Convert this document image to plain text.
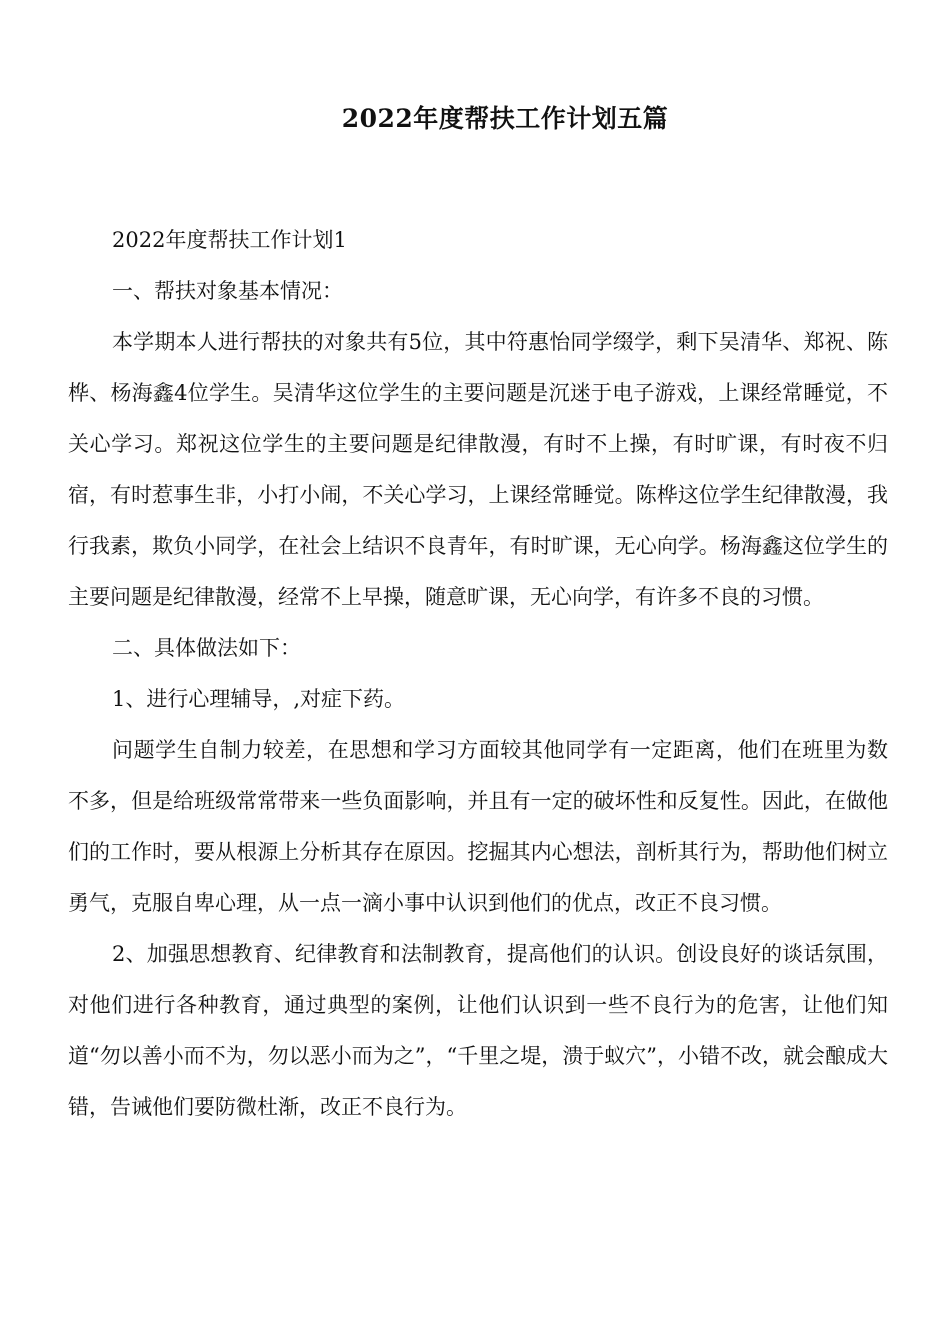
2022年度帮扶工作计划五篇

2022年度帮扶工作计划1

一、帮扶对象基本情况：

本学期本人进行帮扶的对象共有5位，其中符惠怡同学缀学，剩下吴清华、郑祝、陈桦、杨海鑫4位学生。吴清华这位学生的主要问题是沉迷于电子游戏，上课经常睡觉，不关心学习。郑祝这位学生的主要问题是纪律散漫，有时不上操，有时旷课，有时夜不归宿，有时惹事生非，小打小闹，不关心学习，上课经常睡觉。陈桦这位学生纪律散漫，我行我素，欺负小同学，在社会上结识不良青年，有时旷课，无心向学。杨海鑫这位学生的主要问题是纪律散漫，经常不上早操，随意旷课，无心向学，有许多不良的习惯。

二、具体做法如下：

1、进行心理辅导，,对症下药。

问题学生自制力较差，在思想和学习方面较其他同学有一定距离，他们在班里为数不多，但是给班级常常带来一些负面影响，并且有一定的破坏性和反复性。因此，在做他们的工作时，要从根源上分析其存在原因。挖掘其内心想法，剖析其行为，帮助他们树立勇气，克服自卑心理，从一点一滴小事中认识到他们的优点，改正不良习惯。

2、加强思想教育、纪律教育和法制教育，提高他们的认识。创设良好的谈话氛围，对他们进行各种教育，通过典型的案例，让他们认识到一些不良行为的危害，让他们知道“勿以善小而不为，勿以恶小而为之”，“千里之堤，溃于蚁穴”，小错不改，就会酿成大错，告诫他们要防微杜渐，改正不良行为。
